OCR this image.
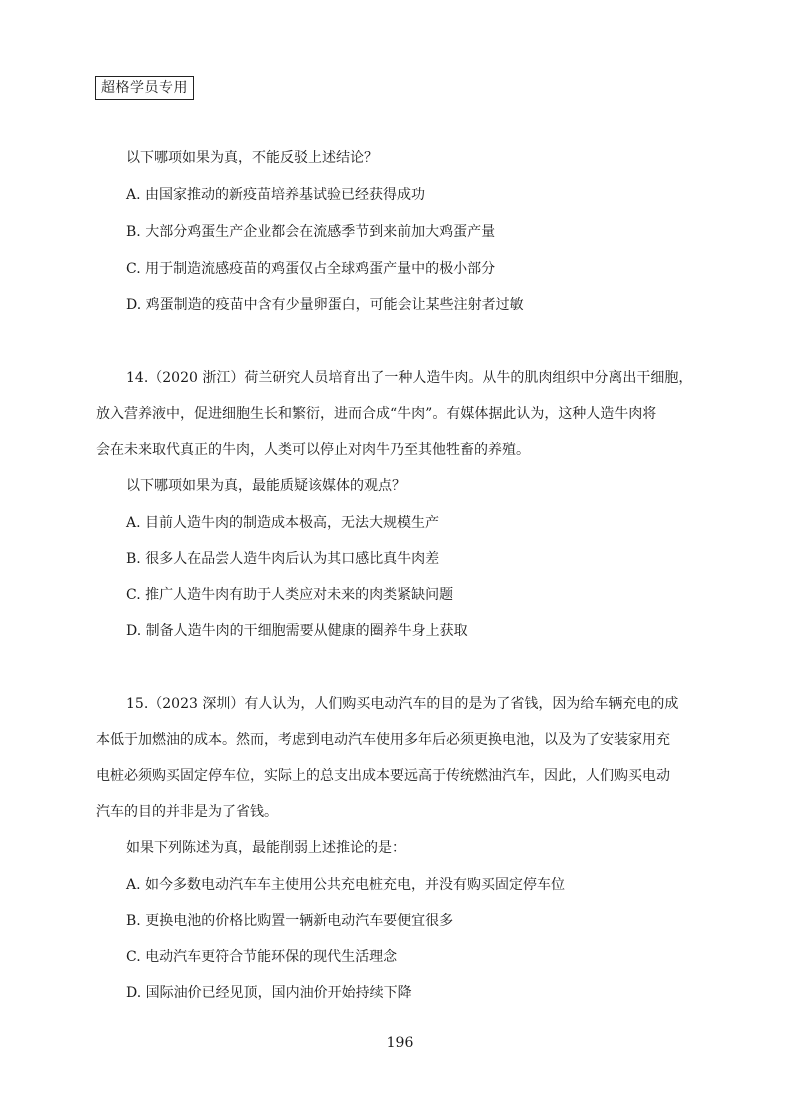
超格学员专用
以下哪项如果为真，不能反驳上述结论？
A. 由国家推动的新疫苗培养基试验已经获得成功
B. 大部分鸡蛋生产企业都会在流感季节到来前加大鸡蛋产量
C. 用于制造流感疫苗的鸡蛋仅占全球鸡蛋产量中的极小部分
D. 鸡蛋制造的疫苗中含有少量卵蛋白，可能会让某些注射者过敏
14.（2020 浙江）荷兰研究人员培育出了一种人造牛肉。从牛的肌肉组织中分离出干细胞，
放入营养液中，促进细胞生长和繁衍，进而合成“牛肉”。有媒体据此认为，这种人造牛肉将
会在未来取代真正的牛肉，人类可以停止对肉牛乃至其他牲畜的养殖。
以下哪项如果为真，最能质疑该媒体的观点？
A. 目前人造牛肉的制造成本极高，无法大规模生产
B. 很多人在品尝人造牛肉后认为其口感比真牛肉差
C. 推广人造牛肉有助于人类应对未来的肉类紧缺问题
D. 制备人造牛肉的干细胞需要从健康的圈养牛身上获取
15.（2023 深圳）有人认为，人们购买电动汽车的目的是为了省钱，因为给车辆充电的成
本低于加燃油的成本。然而，考虑到电动汽车使用多年后必须更换电池，以及为了安装家用充
电桩必须购买固定停车位，实际上的总支出成本要远高于传统燃油汽车，因此，人们购买电动
汽车的目的并非是为了省钱。
如果下列陈述为真，最能削弱上述推论的是：
A. 如今多数电动汽车车主使用公共充电桩充电，并没有购买固定停车位
B. 更换电池的价格比购置一辆新电动汽车要便宜很多
C. 电动汽车更符合节能环保的现代生活理念
D. 国际油价已经见顶，国内油价开始持续下降
196
